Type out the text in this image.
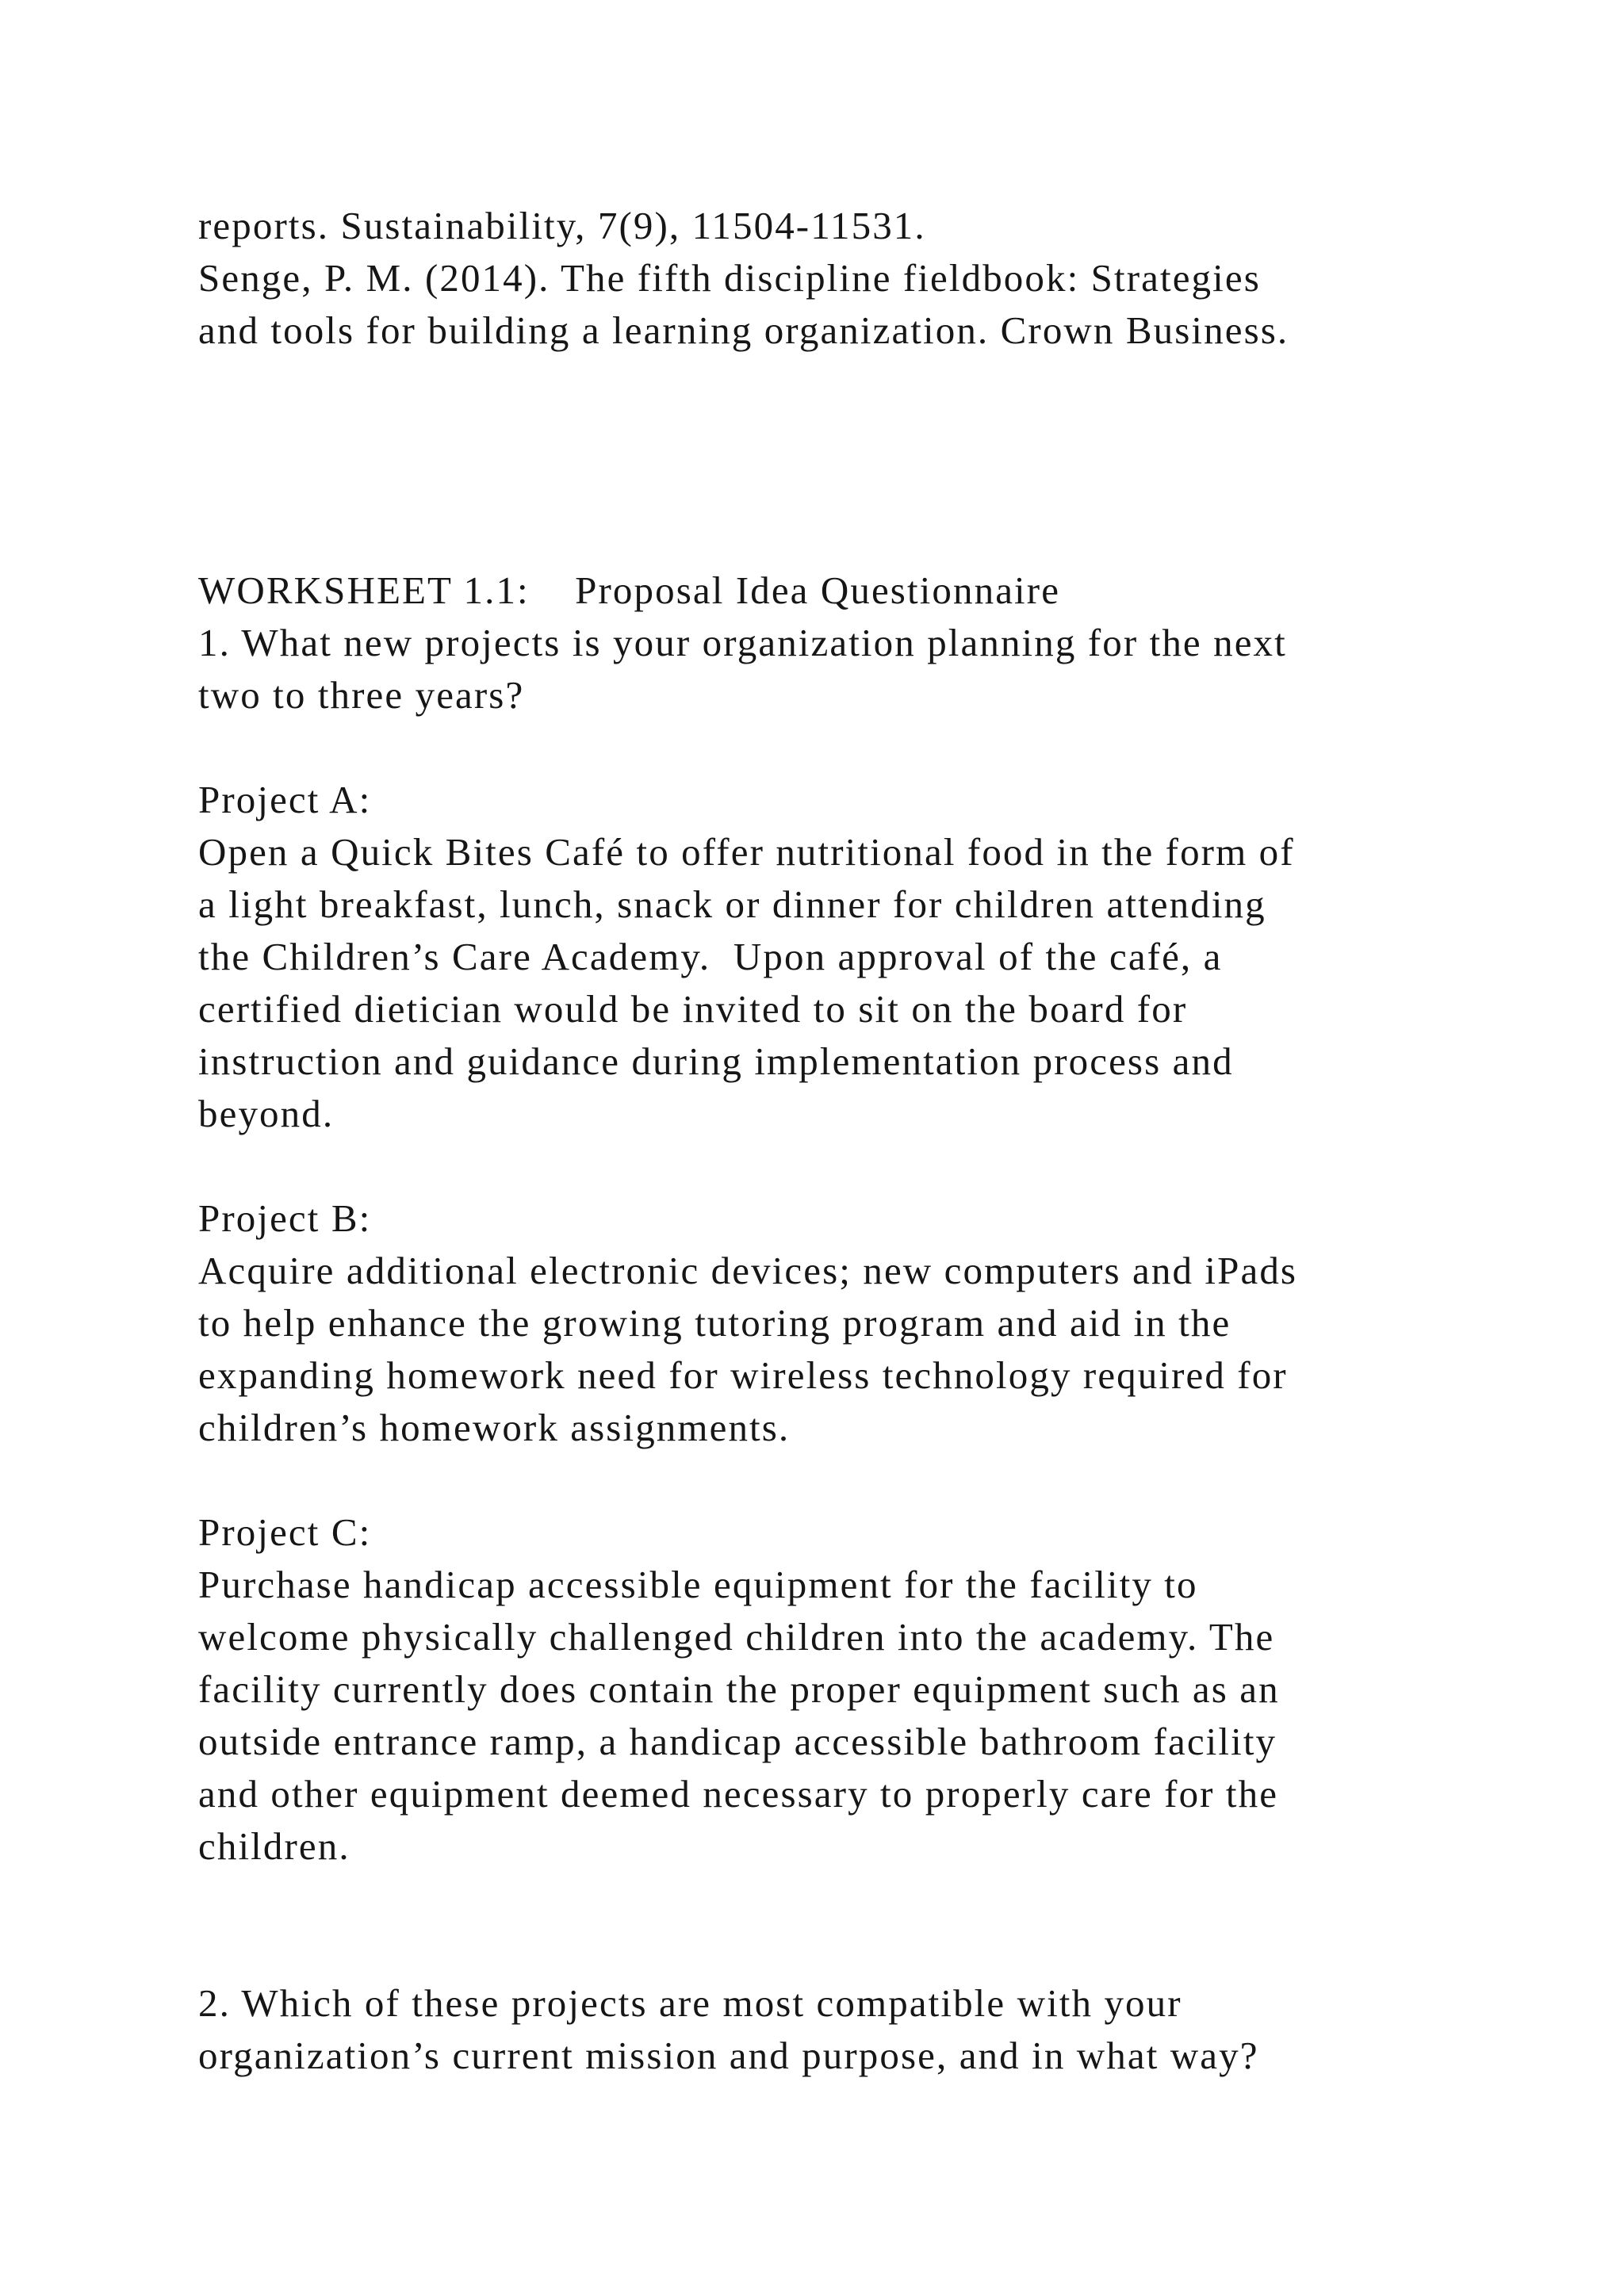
reports. Sustainability, 7(9), 11504-11531.

Senge, P. M. (2014). The fifth discipline fieldbook: Strategies

and tools for building a learning organization. Crown Business.

WORKSHEET 1.1:    Proposal Idea Questionnaire

1. What new projects is your organization planning for the next

two to three years?

Project A:

Open a Quick Bites Café to offer nutritional food in the form of

a light breakfast, lunch, snack or dinner for children attending

the Children’s Care Academy.  Upon approval of the café, a

certified dietician would be invited to sit on the board for

instruction and guidance during implementation process and

beyond.

Project B:

Acquire additional electronic devices; new computers and iPads

to help enhance the growing tutoring program and aid in the

expanding homework need for wireless technology required for

children’s homework assignments.

Project C:

Purchase handicap accessible equipment for the facility to

welcome physically challenged children into the academy. The

facility currently does contain the proper equipment such as an

outside entrance ramp, a handicap accessible bathroom facility

and other equipment deemed necessary to properly care for the

children.

2. Which of these projects are most compatible with your

organization’s current mission and purpose, and in what way?
